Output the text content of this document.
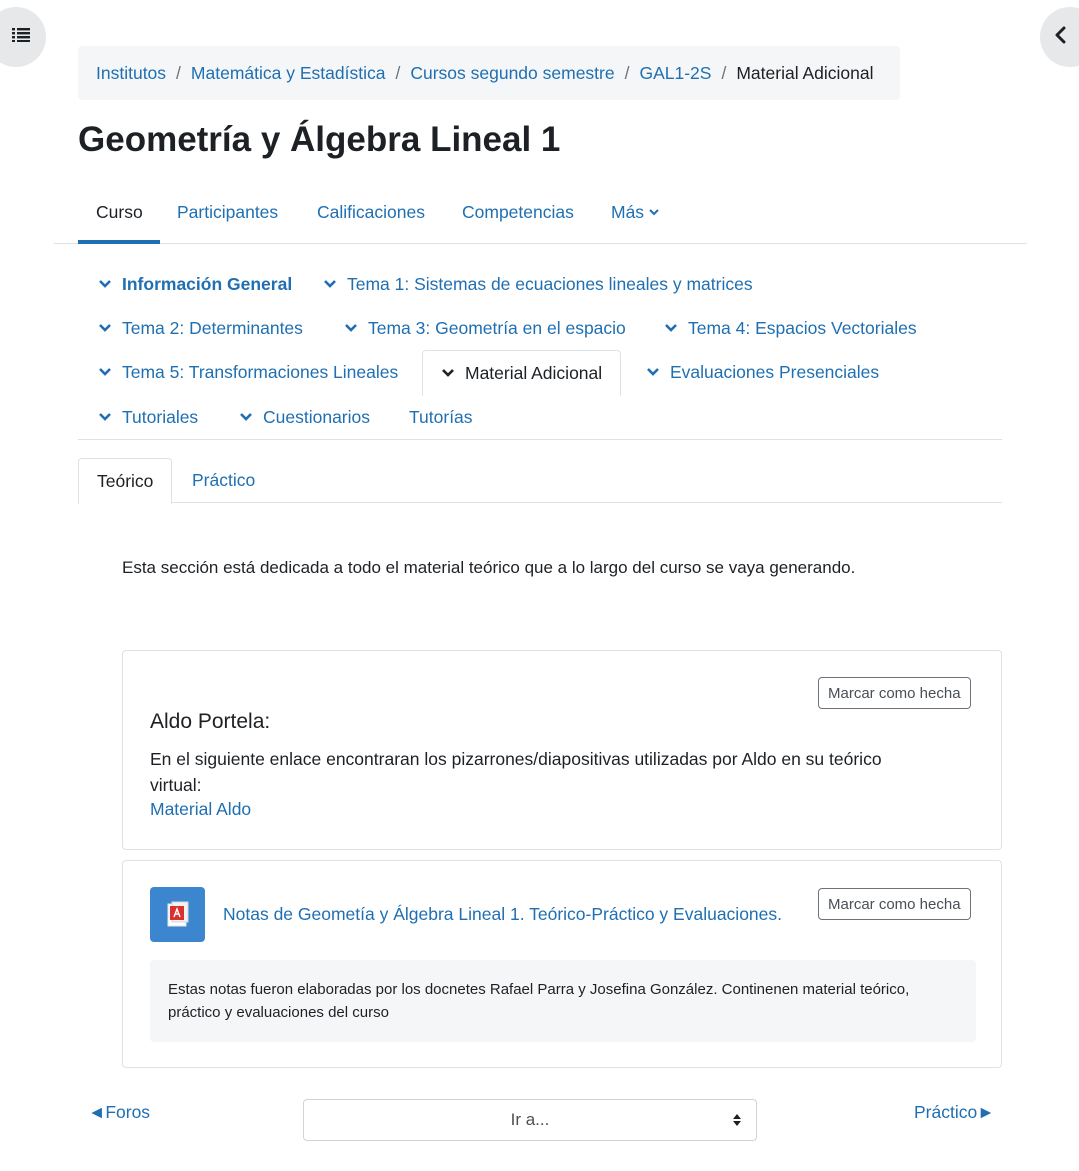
Institutos / Matemática y Estadística / Cursos segundo semestre / GAL1-2S / Material Adicional
Geometría y Álgebra Lineal 1
Curso Participantes Calificaciones Competencias Más
Información General	Tema 1: Sistemas de ecuaciones lineales y matrices
Tema 2: Determinantes	Tema 3: Geometría en el espacio	Tema 4: Espacios Vectoriales
Tema 5: Transformaciones Lineales	Material Adicional	Evaluaciones Presenciales
Tutoriales	Cuestionarios Tutorías
Teórico	Práctico
Esta sección está dedicada a todo el material teórico que a lo largo del curso se vaya generando.
Marcar como hecha
Aldo Portela:
En el siguiente enlace encontraran los pizarrones/diapositivas utilizadas por Aldo en su teórico virtual:
Material Aldo
Notas de Geometía y Álgebra Lineal 1. Teórico-Práctico y Evaluaciones.	Marcar como hecha
Estas notas fueron elaboradas por los docnetes Rafael Parra y Josefina González. Continenen material teórico, práctico y evaluaciones del curso
◄Foros	Ir a...	Práctico►
